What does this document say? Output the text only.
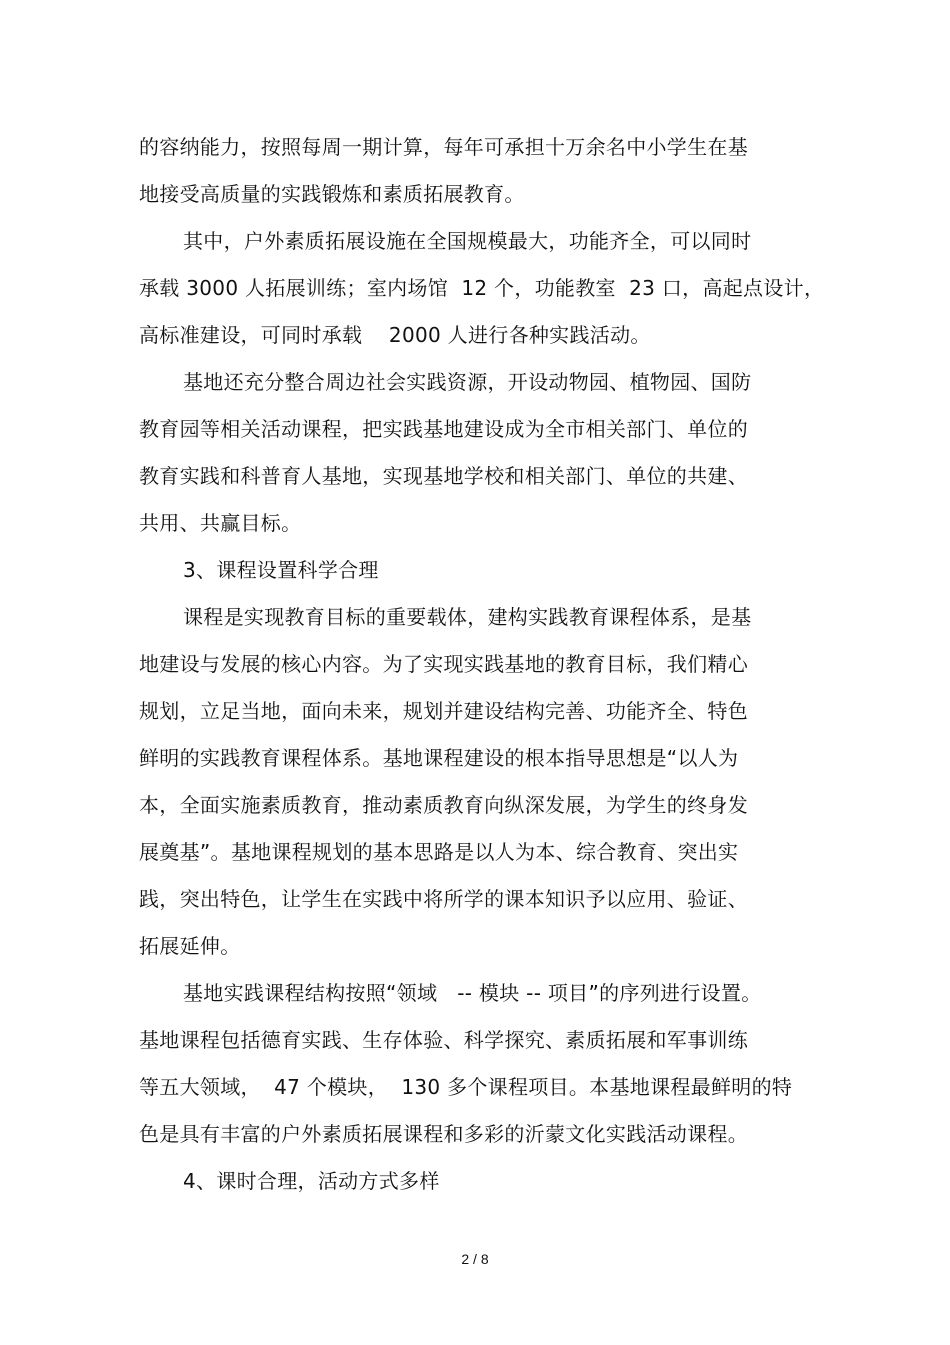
的容纳能力，按照每周一期计算，每年可承担十万余名中小学生在基
地接受高质量的实践锻炼和素质拓展教育。
其中，户外素质拓展设施在全国规模最大，功能齐全，可以同时
承载 3000 人拓展训练；室内场馆  12 个，功能教室  23 口，高起点设计，
高标准建设，可同时承载    2000 人进行各种实践活动。
基地还充分整合周边社会实践资源，开设动物园、植物园、国防
教育园等相关活动课程，把实践基地建设成为全市相关部门、单位的
教育实践和科普育人基地，实现基地学校和相关部门、单位的共建、
共用、共赢目标。
3、课程设置科学合理
课程是实现教育目标的重要载体，建构实践教育课程体系，是基
地建设与发展的核心内容。为了实现实践基地的教育目标，我们精心
规划，立足当地，面向未来，规划并建设结构完善、功能齐全、特色
鲜明的实践教育课程体系。基地课程建设的根本指导思想是“以人为
本，全面实施素质教育，推动素质教育向纵深发展，为学生的终身发
展奠基”。基地课程规划的基本思路是以人为本、综合教育、突出实
践，突出特色，让学生在实践中将所学的课本知识予以应用、验证、
拓展延伸。
基地实践课程结构按照“领域   -- 模块 -- 项目”的序列进行设置。
基地课程包括德育实践、生存体验、科学探究、素质拓展和军事训练
等五大领域，  47 个模块，  130 多个课程项目。本基地课程最鲜明的特
色是具有丰富的户外素质拓展课程和多彩的沂蒙文化实践活动课程。
4、课时合理，活动方式多样
2 / 8
